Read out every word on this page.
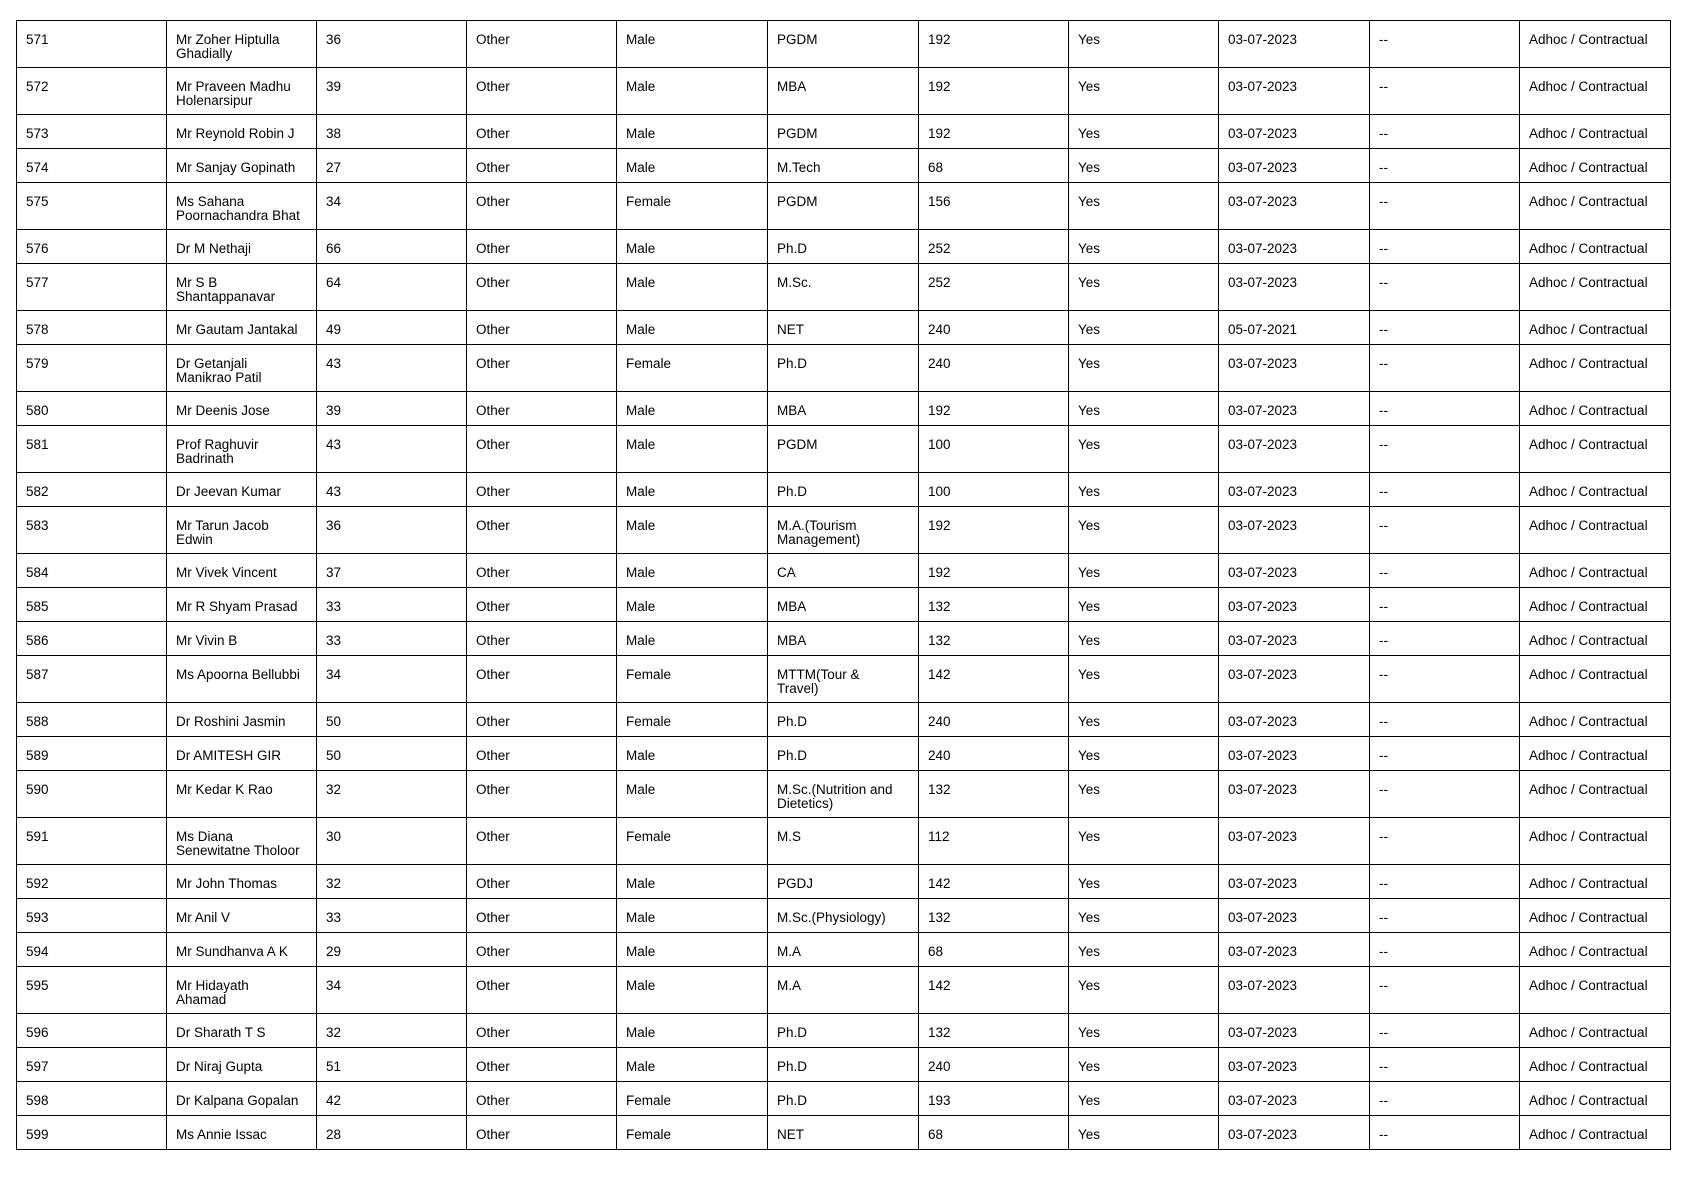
571	Mr Zoher Hiptulla
Ghadially	36	Other	Male	PGDM	192	Yes	03-07-2023	--	Adhoc / Contractual
572	Mr Praveen Madhu
Holenarsipur	39	Other	Male	MBA	192	Yes	03-07-2023	--	Adhoc / Contractual
573	Mr Reynold Robin J	38	Other	Male	PGDM	192	Yes	03-07-2023	--	Adhoc / Contractual
574	Mr Sanjay Gopinath	27	Other	Male	M.Tech	68	Yes	03-07-2023	--	Adhoc / Contractual
575	Ms Sahana
Poornachandra Bhat	34	Other	Female	PGDM	156	Yes	03-07-2023	--	Adhoc / Contractual
576	Dr M Nethaji	66	Other	Male	Ph.D	252	Yes	03-07-2023	--	Adhoc / Contractual
577	Mr S B
Shantappanavar	64	Other	Male	M.Sc.	252	Yes	03-07-2023	--	Adhoc / Contractual
578	Mr Gautam Jantakal	49	Other	Male	NET	240	Yes	05-07-2021	--	Adhoc / Contractual
579	Dr Getanjali
Manikrao Patil	43	Other	Female	Ph.D	240	Yes	03-07-2023	--	Adhoc / Contractual
580	Mr Deenis Jose	39	Other	Male	MBA	192	Yes	03-07-2023	--	Adhoc / Contractual
581	Prof Raghuvir
Badrinath	43	Other	Male	PGDM	100	Yes	03-07-2023	--	Adhoc / Contractual
582	Dr Jeevan Kumar	43	Other	Male	Ph.D	100	Yes	03-07-2023	--	Adhoc / Contractual
583	Mr Tarun Jacob
Edwin	36	Other	Male	M.A.(Tourism
Management)	192	Yes	03-07-2023	--	Adhoc / Contractual
584	Mr Vivek Vincent	37	Other	Male	CA	192	Yes	03-07-2023	--	Adhoc / Contractual
585	Mr R Shyam Prasad	33	Other	Male	MBA	132	Yes	03-07-2023	--	Adhoc / Contractual
586	Mr Vivin B	33	Other	Male	MBA	132	Yes	03-07-2023	--	Adhoc / Contractual
587	Ms Apoorna Bellubbi	34	Other	Female	MTTM(Tour &
Travel)	142	Yes	03-07-2023	--	Adhoc / Contractual
588	Dr Roshini Jasmin	50	Other	Female	Ph.D	240	Yes	03-07-2023	--	Adhoc / Contractual
589	Dr AMITESH GIR	50	Other	Male	Ph.D	240	Yes	03-07-2023	--	Adhoc / Contractual
590	Mr Kedar K Rao	32	Other	Male	M.Sc.(Nutrition and
Dietetics)	132	Yes	03-07-2023	--	Adhoc / Contractual
591	Ms Diana
Senewitatne Tholoor	30	Other	Female	M.S	112	Yes	03-07-2023	--	Adhoc / Contractual
592	Mr John Thomas	32	Other	Male	PGDJ	142	Yes	03-07-2023	--	Adhoc / Contractual
593	Mr Anil V	33	Other	Male	M.Sc.(Physiology)	132	Yes	03-07-2023	--	Adhoc / Contractual
594	Mr Sundhanva A K	29	Other	Male	M.A	68	Yes	03-07-2023	--	Adhoc / Contractual
595	Mr Hidayath
Ahamad	34	Other	Male	M.A	142	Yes	03-07-2023	--	Adhoc / Contractual
596	Dr Sharath T S	32	Other	Male	Ph.D	132	Yes	03-07-2023	--	Adhoc / Contractual
597	Dr Niraj Gupta	51	Other	Male	Ph.D	240	Yes	03-07-2023	--	Adhoc / Contractual
598	Dr Kalpana Gopalan	42	Other	Female	Ph.D	193	Yes	03-07-2023	--	Adhoc / Contractual
599	Ms Annie Issac	28	Other	Female	NET	68	Yes	03-07-2023	--	Adhoc / Contractual
